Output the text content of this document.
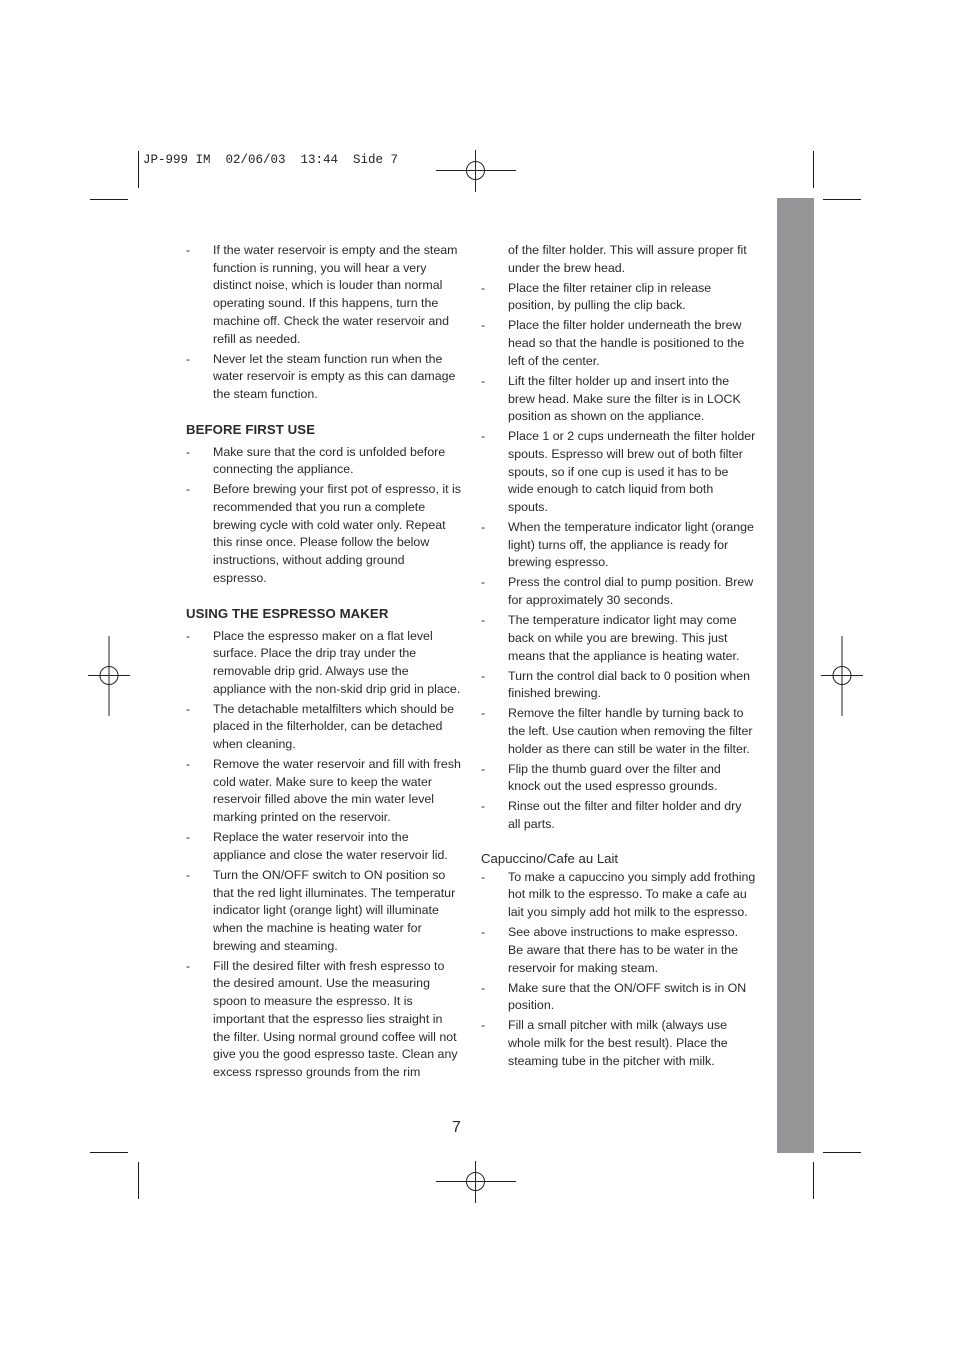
JP-999 IM  02/06/03  13:44  Side 7
- If the water reservoir is empty and the steam function is running, you will hear a very distinct noise, which is louder than normal operating sound. If this happens, turn the machine off. Check the water reservoir and refill as needed.
- Never let the steam function run when the water reservoir is empty as this can damage the steam function.
BEFORE FIRST USE
- Make sure that the cord is unfolded before connecting the appliance.
- Before brewing your first pot of espresso, it is recommended that you run a complete brewing cycle with cold water only. Repeat this rinse once. Please follow the below instructions, without adding ground espresso.
USING THE ESPRESSO MAKER
- Place the espresso maker on a flat level surface. Place the drip tray under the removable drip grid. Always use the appliance with the non-skid drip grid in place.
- The detachable metalfilters which should be placed in the filterholder, can be detached when cleaning.
- Remove the water reservoir and fill with fresh cold water. Make sure to keep the water reservoir filled above the min water level marking printed on the reservoir.
- Replace the water reservoir into the appliance and close the water reservoir lid.
- Turn the ON/OFF switch to ON position so that the red light illuminates. The temperatur indicator light (orange light) will illuminate when the machine is heating water for brewing and steaming.
- Fill the desired filter with fresh espresso to the desired amount. Use the measuring spoon to measure the espresso. It is important that the espresso lies straight in the filter. Using normal ground coffee will not give you the good espresso taste. Clean any excess rspresso grounds from the rim
of the filter holder. This will assure proper fit under the brew head.
- Place the filter retainer clip in release position, by pulling the clip back.
- Place the filter holder underneath the brew head so that the handle is positioned to the left of the center.
- Lift the filter holder up and insert into the brew head. Make sure the filter is in LOCK position as shown on the appliance.
- Place 1 or 2 cups underneath the filter holder spouts. Espresso will brew out of both filter spouts, so if one cup is used it has to be wide enough to catch liquid from both spouts.
- When the temperature indicator light (orange light) turns off, the appliance is ready for brewing espresso.
- Press the control dial to pump position. Brew for approximately 30 seconds.
- The temperature indicator light may come back on while you are brewing. This just means that the appliance is heating water.
- Turn the control dial back to 0 position when finished brewing.
- Remove the filter handle by turning back to the left. Use caution when removing the filter holder as there can still be water in the filter.
- Flip the thumb guard over the filter and knock out the used espresso grounds.
- Rinse out the filter and filter holder and dry all parts.
Capuccino/Cafe au Lait
- To make a capuccino you simply add frothing hot milk to the espresso. To make a cafe au lait you simply add hot milk to the espresso.
- See above instructions to make espresso. Be aware that there has to be water in the reservoir for making steam.
- Make sure that the ON/OFF switch is in ON position.
- Fill a small pitcher with milk (always use whole milk for the best result). Place the steaming tube in the pitcher with milk.
7
